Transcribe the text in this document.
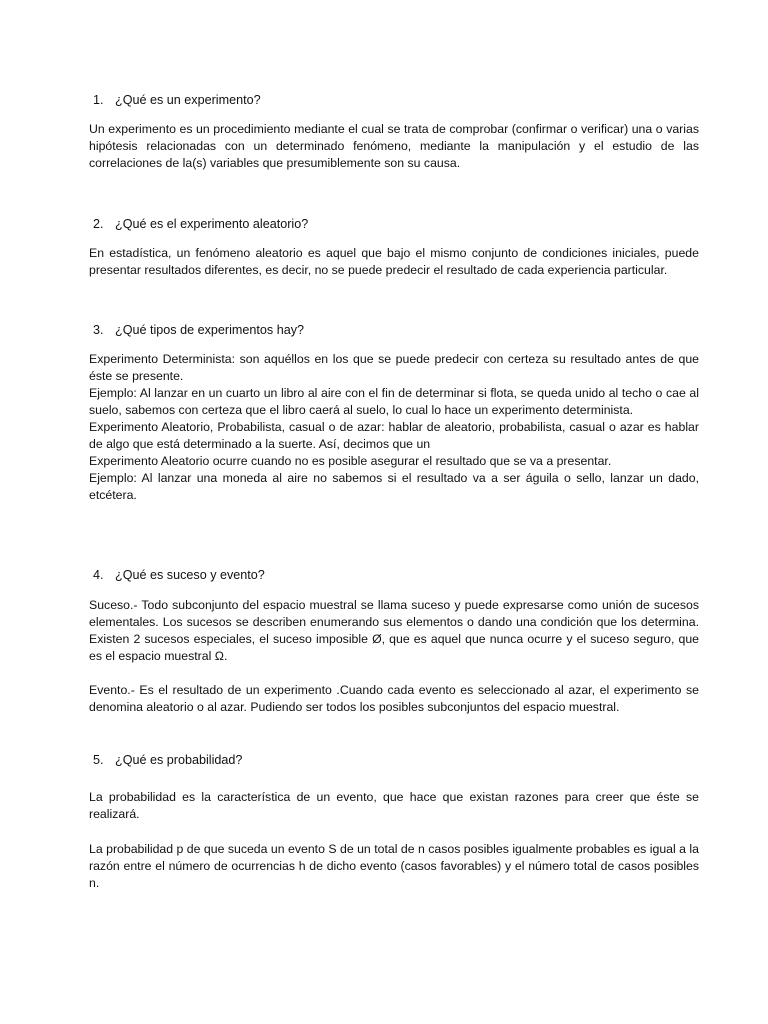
1. ¿Qué es un experimento?

Un experimento es un procedimiento mediante el cual se trata de comprobar (confirmar o verificar) una o varias hipótesis relacionadas con un determinado fenómeno, mediante la manipulación y el estudio de las correlaciones de la(s) variables que presumiblemente son su causa.

2. ¿Qué es el experimento aleatorio?

En estadística, un fenómeno aleatorio es aquel que bajo el mismo conjunto de condiciones iniciales, puede presentar resultados diferentes, es decir, no se puede predecir el resultado de cada experiencia particular.

3. ¿Qué tipos de experimentos hay?
Experimento Determinista: son aquéllos en los que se puede predecir con certeza su resultado antes de que éste se presente.
Ejemplo: Al lanzar en un cuarto un libro al aire con el fin de determinar si flota, se queda unido al techo o cae al suelo, sabemos con certeza que el libro caerá al suelo, lo cual lo hace un experimento determinista.
Experimento Aleatorio, Probabilista, casual o de azar: hablar de aleatorio, probabilista, casual o azar es hablar de algo que está determinado a la suerte. Así, decimos que un
Experimento Aleatorio ocurre cuando no es posible asegurar el resultado que se va a presentar.
Ejemplo: Al lanzar una moneda al aire no sabemos si el resultado va a ser águila o sello, lanzar un dado, etcétera.
4. ¿Qué es suceso y evento?

Suceso.- Todo subconjunto del espacio muestral se llama suceso y puede expresarse como unión de sucesos elementales. Los sucesos se describen enumerando sus elementos o dando una condición que los determina. Existen 2 sucesos especiales, el suceso imposible Ø, que es aquel que nunca ocurre y el suceso seguro, que es el espacio muestral Ω.

Evento.- Es el resultado de un experimento .Cuando cada evento es seleccionado al azar, el experimento se denomina aleatorio o al azar. Pudiendo ser todos los posibles subconjuntos del espacio muestral.

5. ¿Qué es probabilidad?

La probabilidad es la característica de un evento, que hace que existan razones para creer que éste se realizará.

La probabilidad p de que suceda un evento S de un total de n casos posibles igualmente probables es igual a la razón entre el número de ocurrencias h de dicho evento (casos favorables) y el número total de casos posibles n.
